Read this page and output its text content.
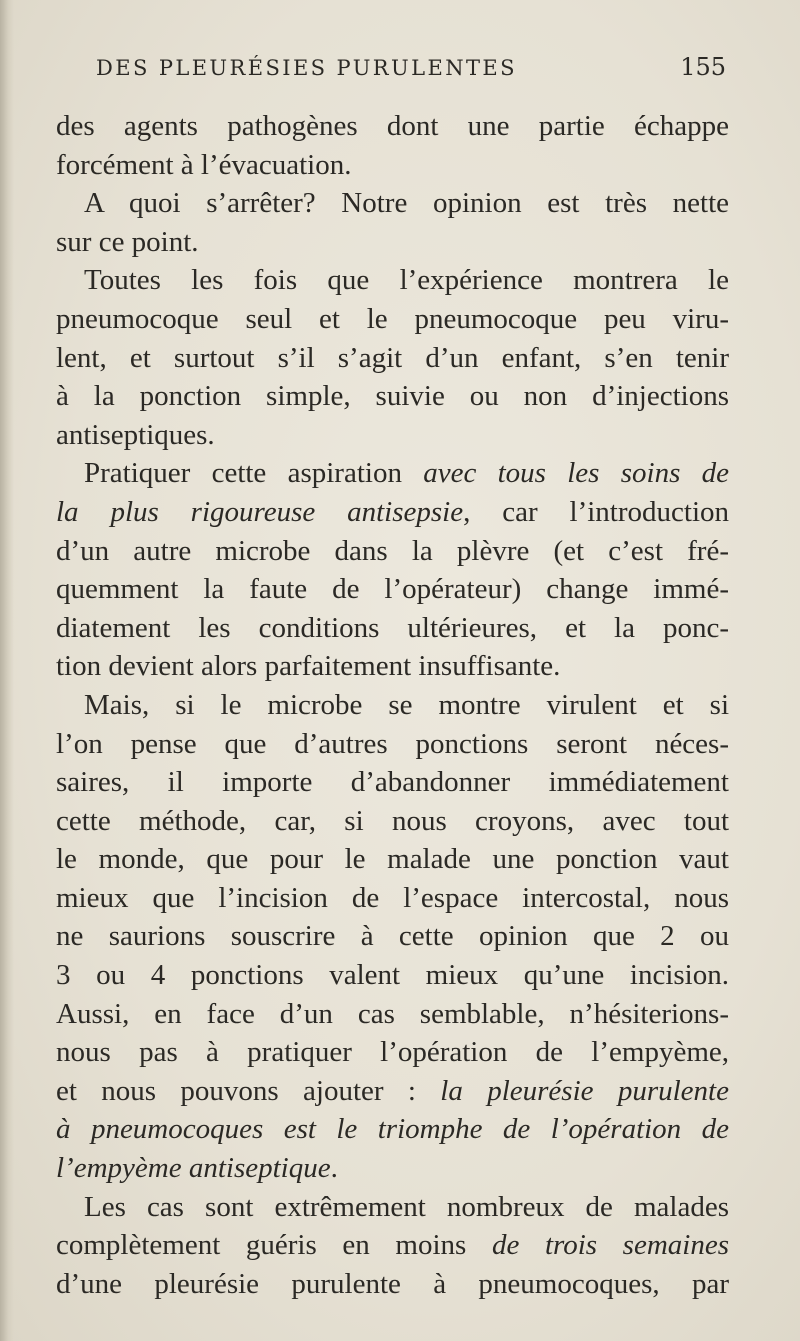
DES PLEURÉSIES PURULENTES	155
des agents pathogènes dont une partie échappe
forcément à l’évacuation.
A quoi s’arrêter? Notre opinion est très nette
sur ce point.
Toutes les fois que l’expérience montrera le
pneumocoque seul et le pneumocoque peu viru-
lent, et surtout s’il s’agit d’un enfant, s’en tenir
à la ponction simple, suivie ou non d’injections
antiseptiques.
Pratiquer cette aspiration avec tous les soins de
la plus rigoureuse antisepsie, car l’introduction
d’un autre microbe dans la plèvre (et c’est fré-
quemment la faute de l’opérateur) change immé-
diatement les conditions ultérieures, et la ponc-
tion devient alors parfaitement insuffisante.
Mais, si le microbe se montre virulent et si
l’on pense que d’autres ponctions seront néces-
saires, il importe d’abandonner immédiatement
cette méthode, car, si nous croyons, avec tout
le monde, que pour le malade une ponction vaut
mieux que l’incision de l’espace intercostal, nous
ne saurions souscrire à cette opinion que 2 ou
3 ou 4 ponctions valent mieux qu’une incision.
Aussi, en face d’un cas semblable, n’hésiterions-
nous pas à pratiquer l’opération de l’empyème,
et nous pouvons ajouter : la pleurésie purulente
à pneumocoques est le triomphe de l’opération de
l’empyème antiseptique.
Les cas sont extrêmement nombreux de malades
complètement guéris en moins de trois semaines
d’une pleurésie purulente à pneumocoques, par
